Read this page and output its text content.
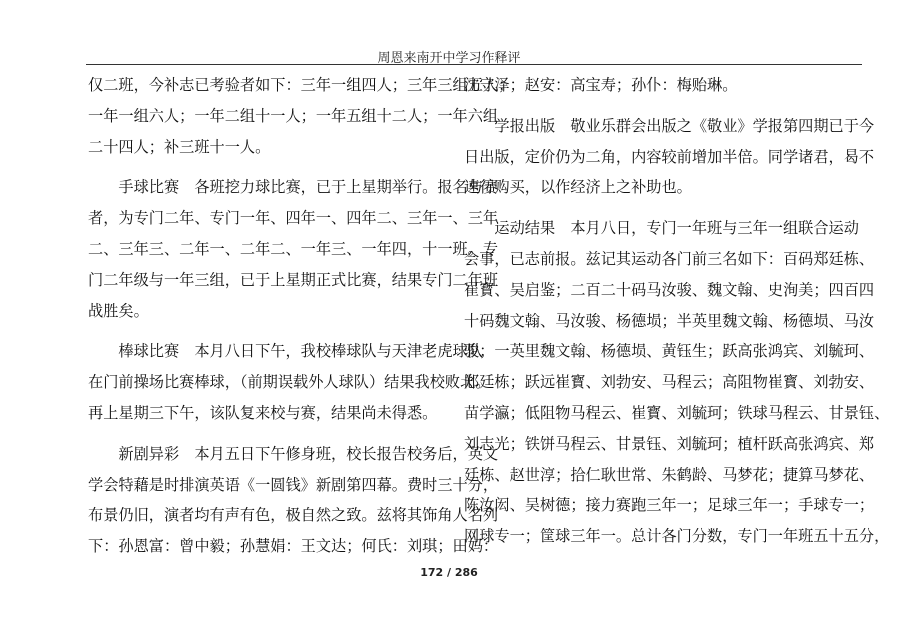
周恩来南开中学习作释评
仅二班，今补志已考验者如下：三年一组四人；三年三组五人；
一年一组六人；一年二组十一人；一年五组十二人；一年六组
二十四人；补三班十一人。
　　手球比赛　各班挖力球比赛，已于上星期举行。报名与赛
者，为专门二年、专门一年、四年一、四年二、三年一、三年
二、三年三、二年一、二年二、一年三、一年四，十一班。专
门二年级与一年三组，已于上星期正式比赛，结果专门二年班
战胜矣。
　　棒球比赛　本月八日下午，我校棒球队与天津老虎球队
在门前操场比赛棒球，（前期误载外人球队）结果我校败北。
再上星期三下午，该队复来校与赛，结果尚未得悉。
　　新剧异彩　本月五日下午修身班，校长报告校务后，英文
学会特藉是时排演英语《一圆钱》新剧第四幕。费时三十分，
布景仍旧，演者均有声有色，极自然之致。兹将其饰角人名列
下：孙恩富：曾中毅；孙慧娟：王文达；何氏：刘琪；田妈：
沈守泽；赵安：高宝寿；孙仆：梅贻琳。
　　学报出版　敬业乐群会出版之《敬业》学报第四期已于今
日出版，定价仍为二角，内容较前增加半倍。同学诸君，曷不
速行购买，以作经济上之补助也。
　　运动结果　本月八日，专门一年班与三年一组联合运动
会事，已志前报。兹记其运动各门前三名如下：百码郑廷栋、
崔寳、吴启鉴；二百二十码马汝骏、魏文翰、史洵美；四百四
十码魏文翰、马汝骏、杨德埙；半英里魏文翰、杨德埙、马汝
骏；一英里魏文翰、杨德埙、黄钰生；跃高张鸿宾、刘毓珂、
郑廷栋；跃远崔寳、刘勃安、马程云；高阻物崔寳、刘勃安、
苗学瀛；低阻物马程云、崔寳、刘毓珂；铁球马程云、甘景钰、
刘志光；铁饼马程云、甘景钰、刘毓珂；植杆跃高张鸿宾、郑
廷栋、赵世淳；拾仁耿世常、朱鹤龄、马梦花；捷算马梦花、
陈汝闳、吴树德；接力赛跑三年一；足球三年一；手球专一；
网球专一；筐球三年一。总计各门分数，专门一年班五十五分，
172 / 286
